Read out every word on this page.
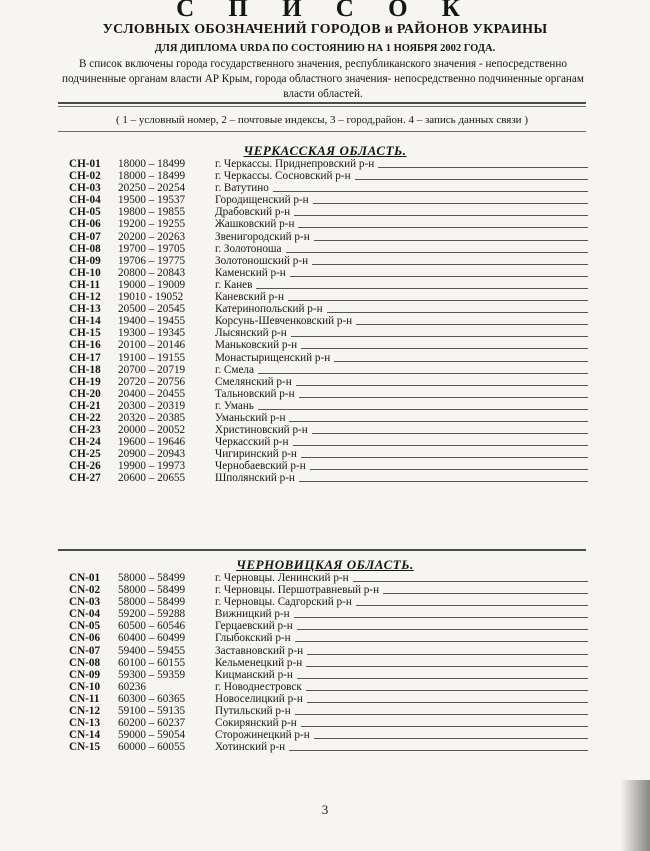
С П И С О К
УСЛОВНЫХ ОБОЗНАЧЕНИЙ ГОРОДОВ и РАЙОНОВ УКРАИНЫ
ДЛЯ ДИПЛОМА URDA ПО СОСТОЯНИЮ НА 1 НОЯБРЯ 2002 ГОДА.
В список включены города государственного значения, республиканского значения - непосредственно подчиненные органам власти АР Крым, города областного значения- непосредственно подчиненные органам власти областей.
( 1 – условный номер, 2 – почтовые индексы, 3 – город,район. 4 – запись данных связи )
ЧЕРКАССКАЯ ОБЛАСТЬ.
СН-01 18000 – 18499	г. Черкассы. Приднепровский р-н
СН-02 18000 – 18499	г. Черкассы. Сосновский р-н
СН-03 20250 – 20254	г. Ватутино
СН-04 19500 – 19537	Городищенский р-н
СН-05 19800 – 19855	Драбовский р-н
СН-06 19200 – 19255	Жашковский р-н
СН-07 20200 – 20263	Звенигородский р-н
СН-08 19700 – 19705	г. Золотоноша
СН-09 19706 – 19775	Золотоношский р-н
СН-10 20800 – 20843	Каменский р-н
СН-11 19000 – 19009	г. Канев
СН-12 19010 - 19052	Каневский р-н
СН-13 20500 – 20545	Катеринопольский р-н
СН-14 19400 – 19455	Корсунь-Шевченковский р-н
СН-15 19300 – 19345	Лысянский р-н
СН-16 20100 – 20146	Маньковский р-н
СН-17 19100 – 19155	Монастырищенский р-н
СН-18 20700 – 20719	г. Смела
СН-19 20720 – 20756	Смелянский р-н
СН-20 20400 – 20455	Тальновский р-н
СН-21 20300 – 20319	г. Умань
СН-22 20320 – 20385	Уманьский р-н
СН-23 20000 – 20052	Христиновский р-н
СН-24 19600 – 19646	Черкасский р-н
СН-25 20900 – 20943	Чигиринский р-н
СН-26 19900 – 19973	Чернобаевский р-н
СН-27 20600 – 20655	Шполянский р-н
ЧЕРНОВИЦКАЯ ОБЛАСТЬ.
CN-01 58000 – 58499	г. Черновцы. Ленинский р-н
CN-02 58000 – 58499	г. Черновцы. Першотравневый р-н
CN-03 58000 – 58499	г. Черновцы. Садгорский р-н
CN-04 59200 – 59288	Вижницкий р-н
CN-05 60500 – 60546	Герцаевский р-н
CN-06 60400 – 60499	Глыбокский р-н
CN-07 59400 – 59455	Заставновский р-н
CN-08 60100 – 60155	Кельменецкий р-н
CN-09 59300 – 59359	Кицманский р-н
CN-10 60236	г. Новоднестровск
CN-11 60300 – 60365	Новоселицкий р-н
CN-12 59100 – 59135	Путильский р-н
CN-13 60200 – 60237	Сокирянский р-н
CN-14 59000 – 59054	Сторожинецкий р-н
CN-15 60000 – 60055	Хотинский р-н
3
